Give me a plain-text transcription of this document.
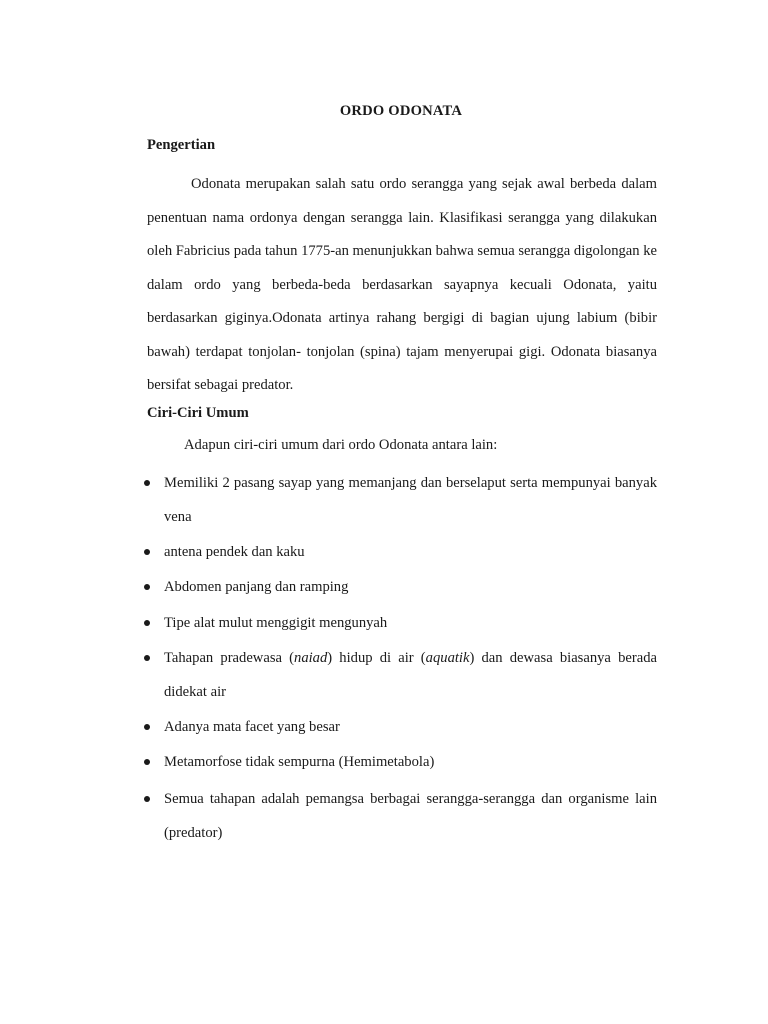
ORDO ODONATA
Pengertian
Odonata merupakan salah satu ordo serangga yang sejak awal berbeda dalam penentuan nama ordonya dengan serangga lain. Klasifikasi serangga yang dilakukan oleh Fabricius pada tahun 1775-an menunjukkan bahwa semua serangga digolongan ke dalam ordo yang berbeda-beda berdasarkan sayapnya kecuali Odonata, yaitu berdasarkan giginya.Odonata artinya rahang bergigi di bagian ujung labium (bibir bawah) terdapat tonjolan- tonjolan (spina) tajam menyerupai gigi. Odonata biasanya bersifat sebagai predator.
Ciri-Ciri Umum
Adapun ciri-ciri umum dari ordo Odonata antara lain:
Memiliki 2 pasang sayap yang memanjang dan berselaput serta mempunyai banyak vena
antena pendek dan kaku
Abdomen panjang dan ramping
Tipe alat mulut menggigit mengunyah
Tahapan pradewasa (naiad) hidup di air (aquatik) dan dewasa biasanya berada didekat air
Adanya mata facet yang besar
Metamorfose tidak sempurna (Hemimetabola)
Semua tahapan adalah pemangsa berbagai serangga-serangga dan organisme lain (predator)
